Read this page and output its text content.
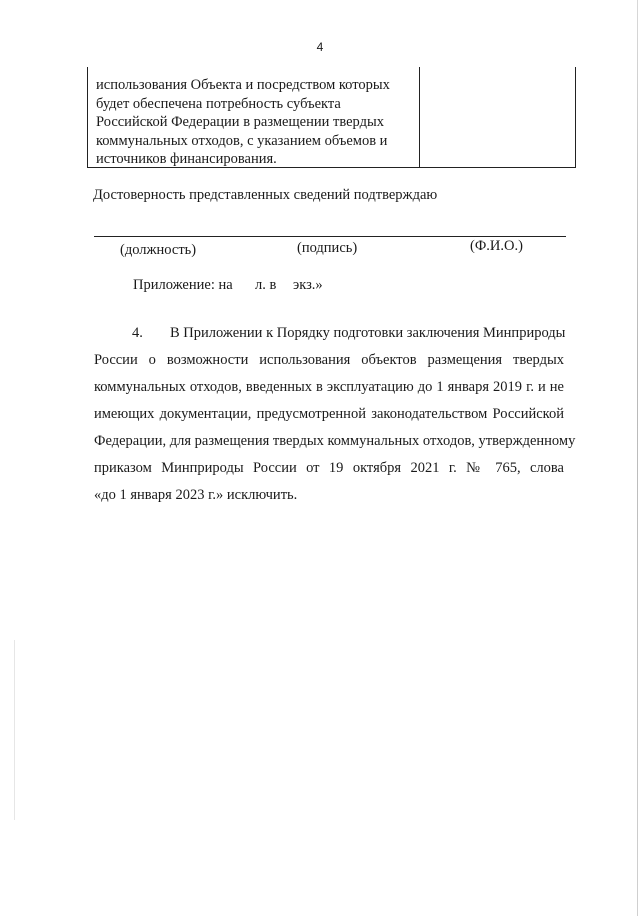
4
использования Объекта и посредством которых
будет обеспечена потребность субъекта
Российской Федерации в размещении твердых
коммунальных отходов, с указанием объемов и
источников финансирования.
Достоверность представленных сведений подтверждаю
(должность)	(подпись)	(Ф.И.О.)
Приложение: на л. в экз.»
4. В Приложении к Порядку подготовки заключения Минприроды
России о возможности использования объектов размещения твердых
коммунальных отходов, введенных в эксплуатацию до 1 января 2019 г. и не
имеющих документации, предусмотренной законодательством Российской
Федерации, для размещения твердых коммунальных отходов, утвержденному
приказом Минприроды России от 19 октября 2021 г. № 765, слова
«до 1 января 2023 г.» исключить.
